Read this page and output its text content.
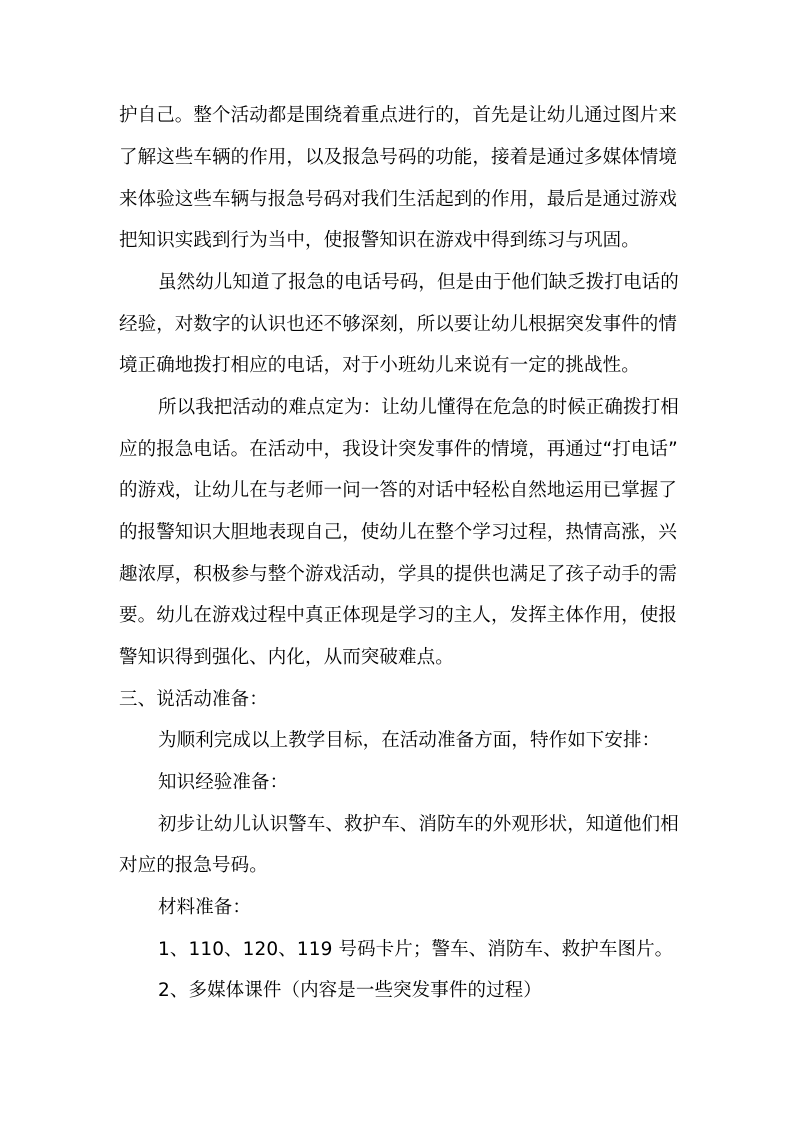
护自己。整个活动都是围绕着重点进行的，首先是让幼儿通过图片来
了解这些车辆的作用，以及报急号码的功能，接着是通过多媒体情境
来体验这些车辆与报急号码对我们生活起到的作用，最后是通过游戏
把知识实践到行为当中，使报警知识在游戏中得到练习与巩固。
虽然幼儿知道了报急的电话号码，但是由于他们缺乏拨打电话的
经验，对数字的认识也还不够深刻，所以要让幼儿根据突发事件的情
境正确地拨打相应的电话，对于小班幼儿来说有一定的挑战性。
所以我把活动的难点定为：让幼儿懂得在危急的时候正确拨打相
应的报急电话。在活动中，我设计突发事件的情境，再通过“打电话”
的游戏，让幼儿在与老师一问一答的对话中轻松自然地运用已掌握了
的报警知识大胆地表现自己，使幼儿在整个学习过程，热情高涨，兴
趣浓厚，积极参与整个游戏活动，学具的提供也满足了孩子动手的需
要。幼儿在游戏过程中真正体现是学习的主人，发挥主体作用，使报
警知识得到强化、内化，从而突破难点。
三、说活动准备：
为顺利完成以上教学目标，在活动准备方面，特作如下安排：
知识经验准备：
初步让幼儿认识警车、救护车、消防车的外观形状，知道他们相
对应的报急号码。
材料准备：
1、110、120、119 号码卡片；警车、消防车、救护车图片。
2、多媒体课件（内容是一些突发事件的过程）
